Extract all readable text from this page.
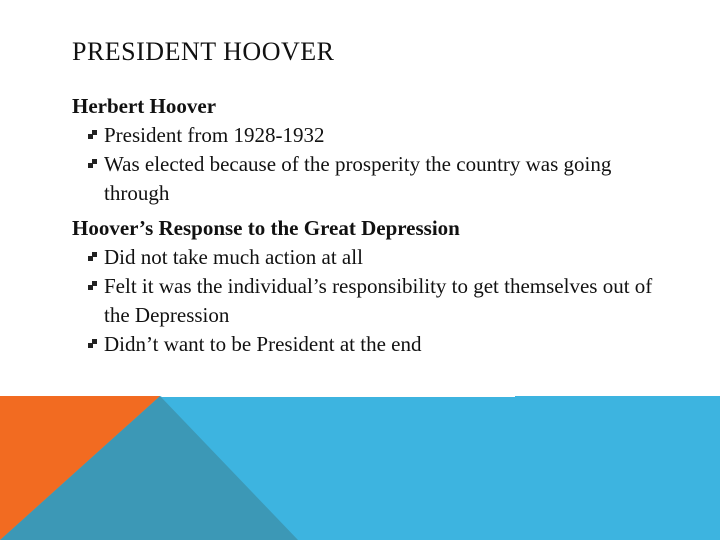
PRESIDENT HOOVER
Herbert Hoover
President from 1928-1932
Was elected because of the prosperity the country was going through
Hoover’s Response to the Great Depression
Did not take much action at all
Felt it was the individual’s responsibility to get themselves out of the Depression
Didn’t want to be President at the end
